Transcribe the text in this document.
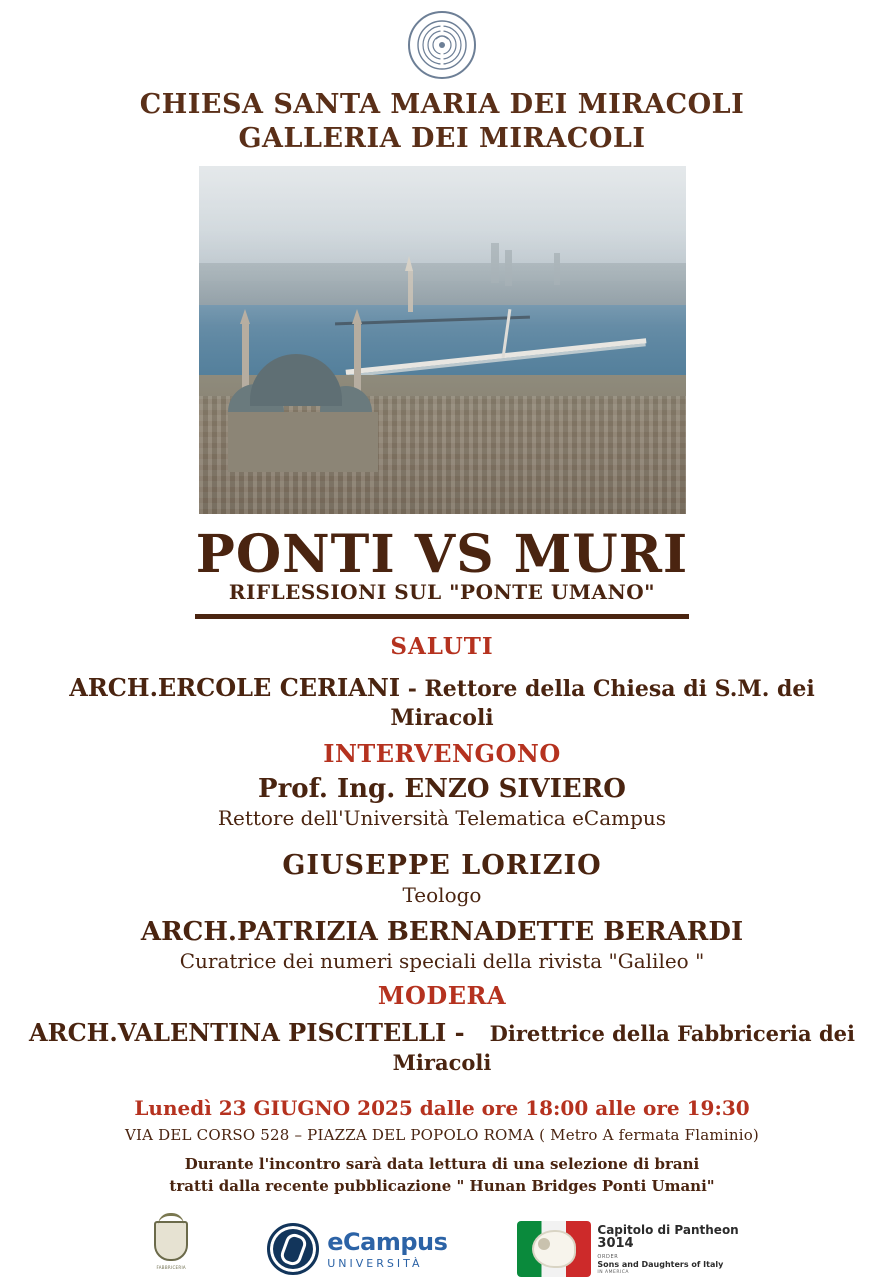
CHIESA SANTA MARIA DEI MIRACOLI
GALLERIA DEI MIRACOLI
PONTI VS MURI
RIFLESSIONI SUL "PONTE UMANO"
SALUTI
ARCH.ERCOLE CERIANI - Rettore della Chiesa di S.M. dei Miracoli
INTERVENGONO
Prof. Ing. ENZO SIVIERO
Rettore dell'Università Telematica eCampus
GIUSEPPE LORIZIO
Teologo
ARCH.PATRIZIA BERNADETTE BERARDI
Curatrice dei numeri speciali della rivista "Galileo "
MODERA
ARCH.VALENTINA PISCITELLI - Direttrice della Fabbriceria dei Miracoli
Lunedì 23 GIUGNO 2025 dalle ore 18:00 alle ore 19:30
VIA DEL CORSO 528 – PIAZZA DEL POPOLO ROMA ( Metro A fermata Flaminio)
Durante l'incontro sarà data lettura di una selezione di brani
tratti dalla recente pubblicazione " Hunan Bridges Ponti Umani"
FABBRICERIA
eCampus
UNIVERSITÀ
Capitolo di Pantheon
3014
ORDER
Sons and Daughters of Italy
IN AMERICA
